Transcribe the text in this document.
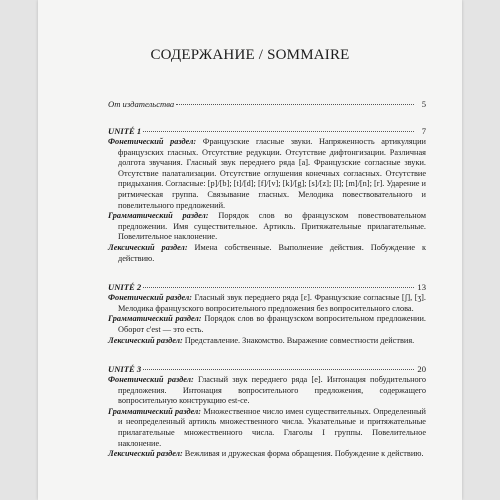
СОДЕРЖАНИЕ / SOMMAIRE
От издательства	5
UNITÉ 1	7
Фонетический раздел: Французские гласные звуки. Напряженность артикуляции французских гласных. Отсутствие редукции. Отсутствие дифтонгизации. Различная долгота звучания. Гласный звук переднего ряда [a]. Французские согласные звуки. Отсутствие палатализации. Отсутствие оглушения конечных согласных. Отсутствие придыхания. Согласные: [p]/[b]; [t]/[d]; [f]/[v]; [k]/[g]; [s]/[z]; [l]; [m]/[n]; [r]. Ударение и ритмическая группа. Связывание гласных. Мелодика повествовательного и повелительного предложений.
Грамматический раздел: Порядок слов во французском повествовательном предложении. Имя существительное. Артикль. Притяжательные прилагательные. Повелительное наклонение.
Лексический раздел: Имена собственные. Выполнение действия. Побуждение к действию.
UNITÉ 2	13
Фонетический раздел: Гласный звук переднего ряда [ε]. Французские согласные [ʃ], [ʒ]. Мелодика французского вопросительного предложения без вопросительного слова.
Грамматический раздел: Порядок слов во французском вопросительном предложении. Оборот c'est — это есть.
Лексический раздел: Представление. Знакомство. Выражение совместности действия.
UNITÉ 3	20
Фонетический раздел: Гласный звук переднего ряда [e]. Интонация побудительного предложения. Интонация вопросительного предложения, содержащего вопросительную конструкцию est-ce.
Грамматический раздел: Множественное число имен существительных. Определенный и неопределенный артикль множественного числа. Указательные и притяжательные прилагательные множественного числа. Глаголы I группы. Повелительное наклонение.
Лексический раздел: Вежливая и дружеская форма обращения. Побуждение к действию.
